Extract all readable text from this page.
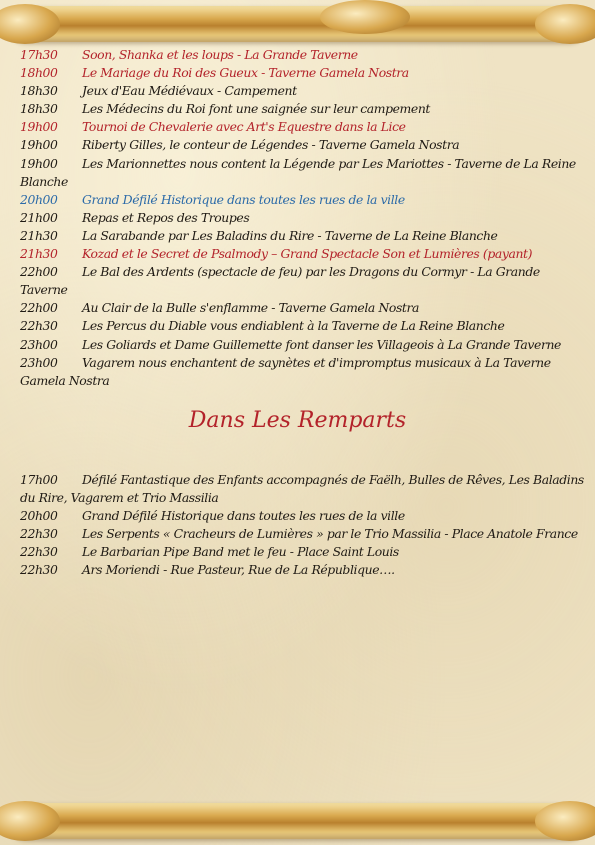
17h30	Soon, Shanka et les loups - La Grande Taverne
18h00	Le Mariage du Roi des Gueux - Taverne Gamela Nostra
18h30	Jeux d'Eau Médiévaux - Campement
18h30	Les Médecins du Roi font une saignée sur leur campement
19h00	Tournoi de Chevalerie avec Art's Equestre dans la Lice
19h00	Riberty Gilles, le conteur de Légendes - Taverne Gamela Nostra
19h00	Les Marionnettes nous content la Légende par Les Mariottes - Taverne de La Reine Blanche
20h00	Grand Défilé Historique dans toutes les rues de la ville
21h00	Repas et Repos des Troupes
21h30	La Sarabande par Les Baladins du Rire - Taverne de La Reine Blanche
21h30	Kozad et le Secret de Psalmody – Grand Spectacle Son et Lumières (payant)
22h00	Le Bal des Ardents (spectacle de feu) par les Dragons du Cormyr - La Grande Taverne
22h00	Au Clair de la Bulle s'enflamme - Taverne Gamela Nostra
22h30	Les Percus du Diable vous endiablent à la Taverne de La Reine Blanche
23h00	Les Goliards et Dame Guillemette font danser les Villageois à La Grande Taverne
23h00	Vagarem nous enchantent de saynètes et d'impromptus musicaux à La Taverne Gamela Nostra
Dans Les Remparts
17h00	Défilé Fantastique des Enfants accompagnés de Faëlh, Bulles de Rêves, Les Baladins du Rire, Vagarem et Trio Massilia
20h00	Grand Défilé Historique dans toutes les rues de la ville
22h30	Les Serpents « Cracheurs de Lumières » par le Trio Massilia - Place Anatole France
22h30	Le Barbarian Pipe Band met le feu - Place Saint Louis
22h30	Ars Moriendi - Rue Pasteur, Rue de La République….
